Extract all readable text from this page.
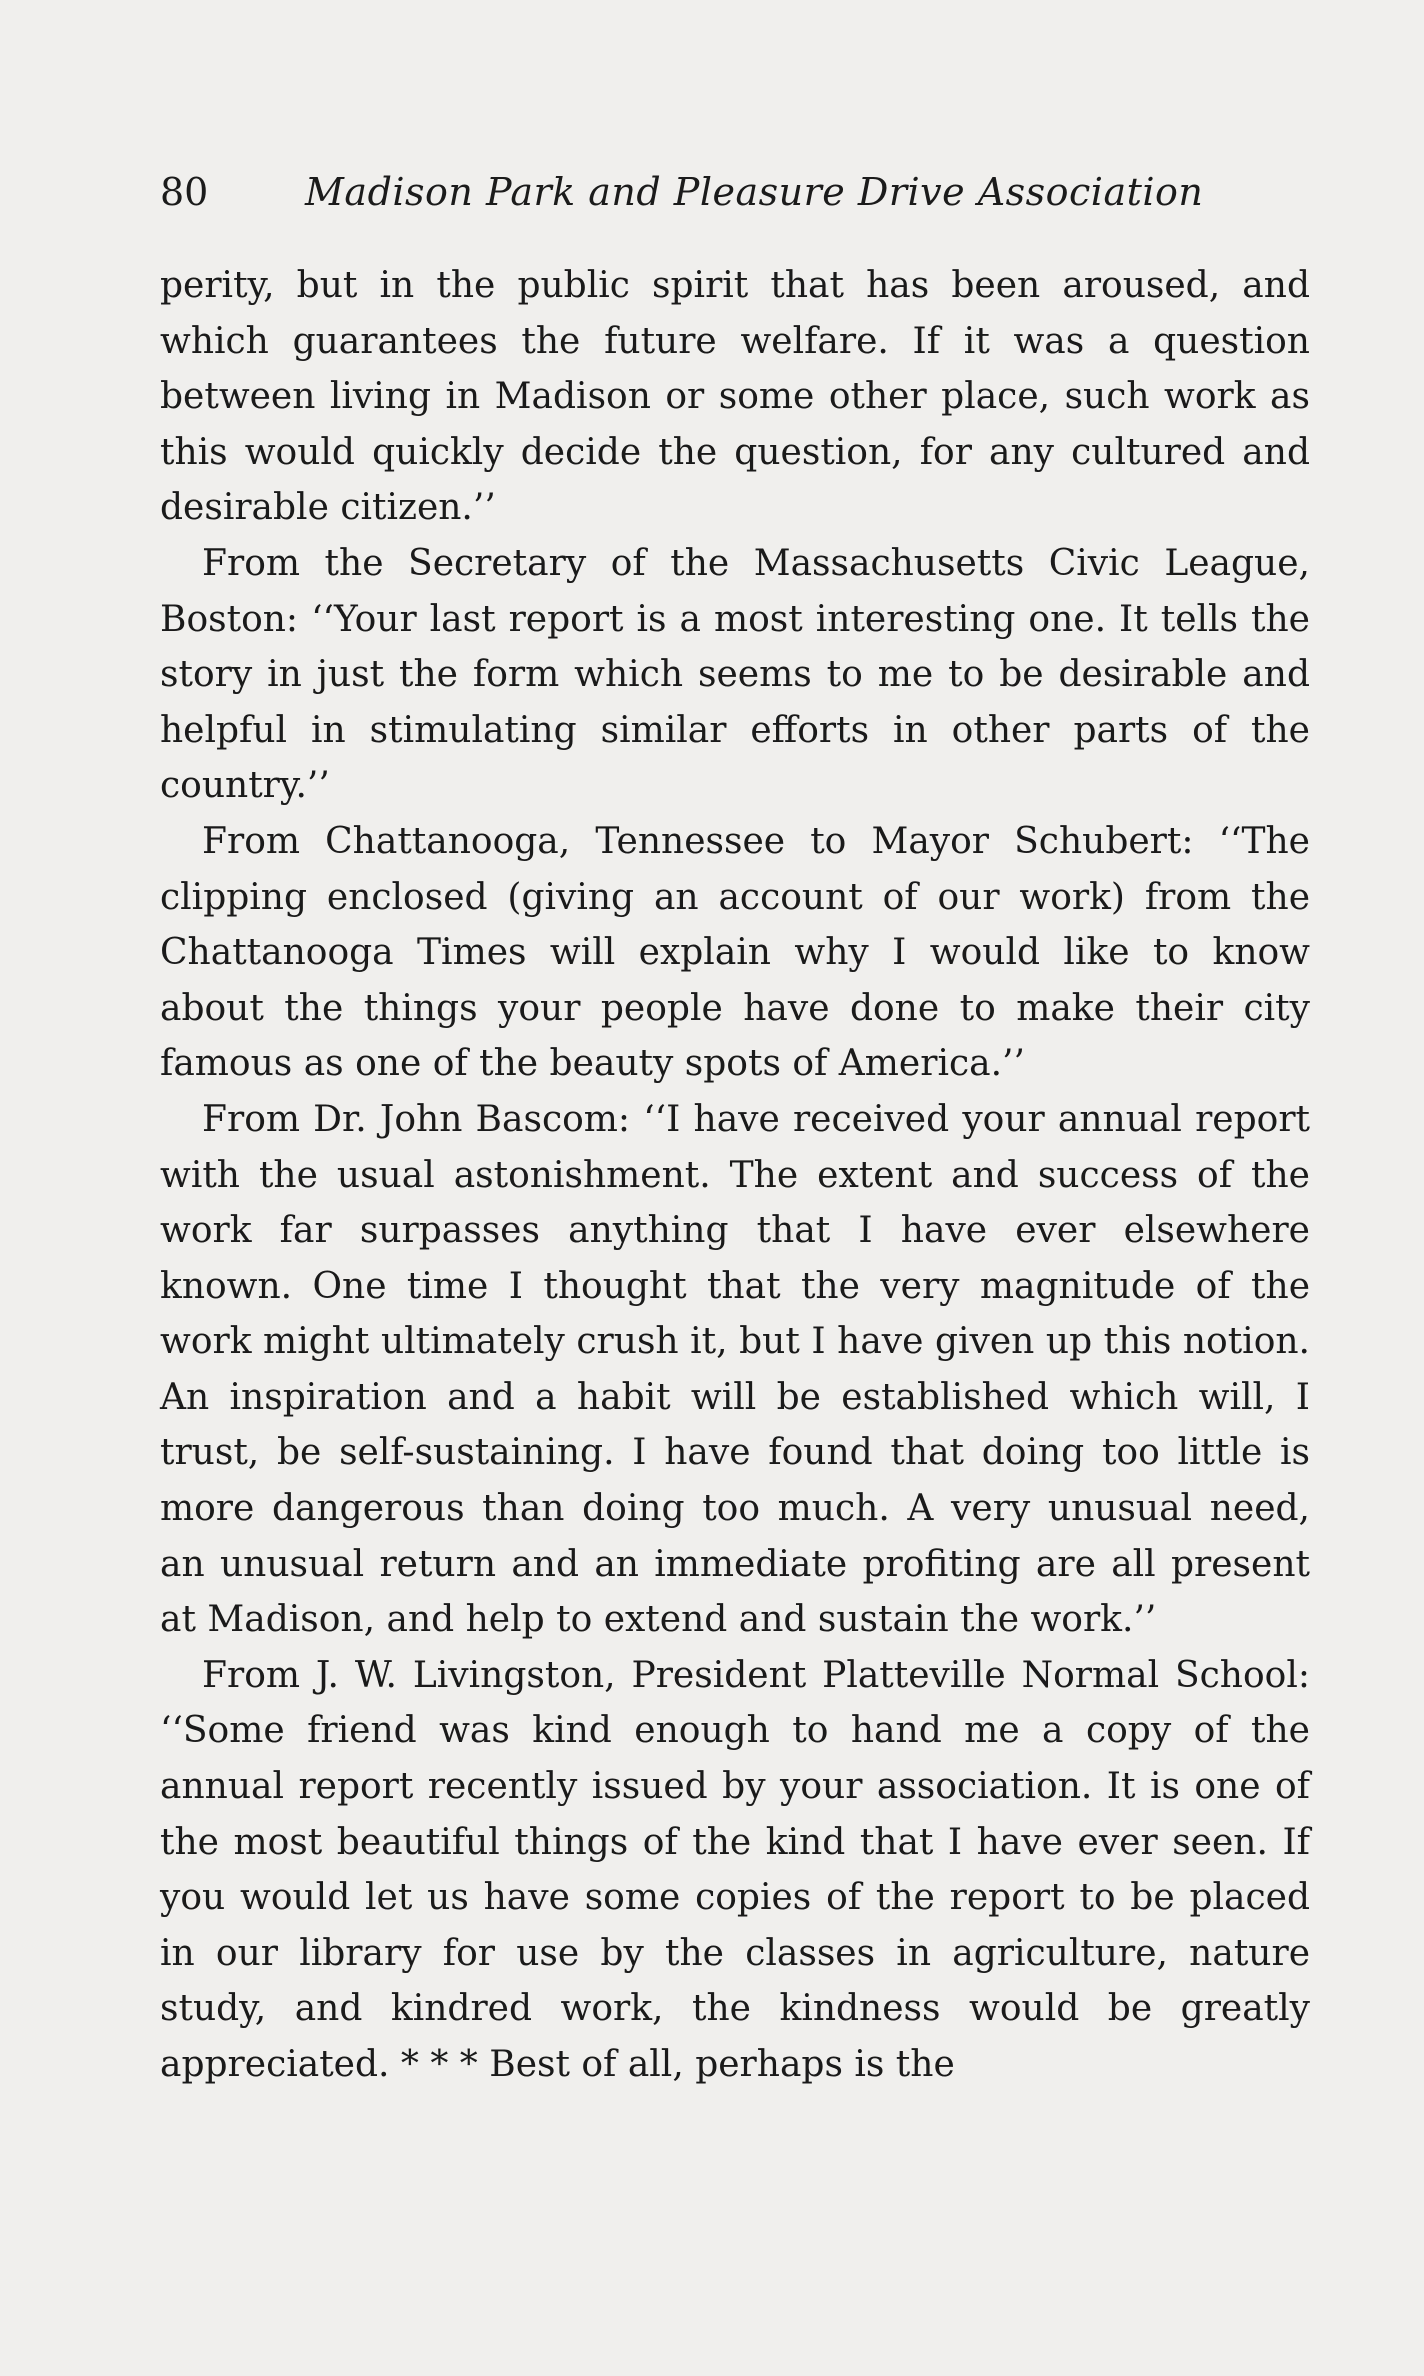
80	Madison Park and Pleasure Drive Association

perity, but in the public spirit that has been aroused, and which guarantees the future welfare. If it was a question between living in Madison or some other place, such work as this would quickly decide the question, for any cultured and desirable citizen.’’

From the Secretary of the Massachusetts Civic League, Boston: ‘‘Your last report is a most interesting one. It tells the story in just the form which seems to me to be desirable and helpful in stimulating similar efforts in other parts of the country.’’

From Chattanooga, Tennessee to Mayor Schubert: ‘‘The clipping enclosed (giving an account of our work) from the Chattanooga Times will explain why I would like to know about the things your people have done to make their city famous as one of the beauty spots of America.’’

From Dr. John Bascom: ‘‘I have received your annual report with the usual astonishment. The extent and success of the work far surpasses anything that I have ever elsewhere known. One time I thought that the very magnitude of the work might ultimately crush it, but I have given up this notion. An inspiration and a habit will be established which will, I trust, be self-sustaining. I have found that doing too little is more dangerous than doing too much. A very unusual need, an unusual return and an immediate profiting are all present at Madison, and help to extend and sustain the work.’’

From J. W. Livingston, President Platteville Normal School: ‘‘Some friend was kind enough to hand me a copy of the annual report recently issued by your association. It is one of the most beautiful things of the kind that I have ever seen. If you would let us have some copies of the report to be placed in our library for use by the classes in agriculture, nature study, and kindred work, the kindness would be greatly appreciated. * * * Best of all, perhaps is the
